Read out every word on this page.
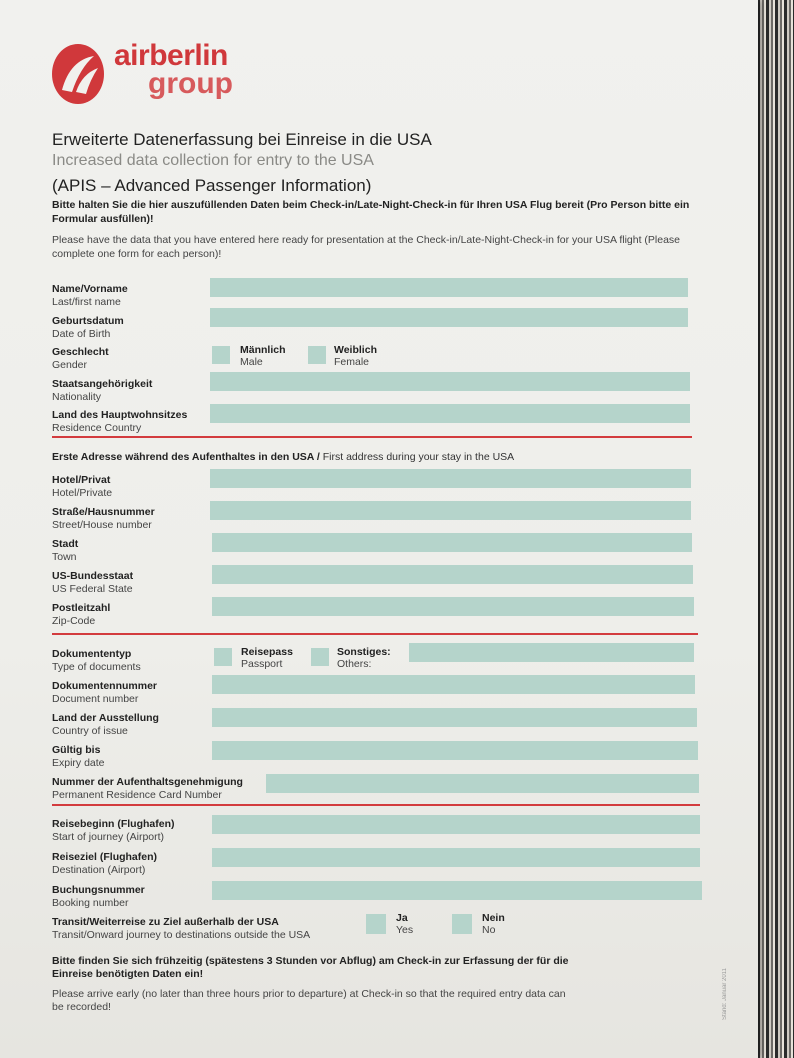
airberlin
group
Erweiterte Datenerfassung bei Einreise in die USA
Increased data collection for entry to the USA
(APIS – Advanced Passenger Information)
Bitte halten Sie die hier auszufüllenden Daten beim Check-in/Late-Night-Check-in für Ihren USA Flug bereit (Pro Person bitte ein Formular ausfüllen)!
Please have the data that you have entered here ready for presentation at the Check-in/Late-Night-Check-in for your USA flight (Please complete one form for each person)!
Name/Vorname
Last/first name
Geburtsdatum
Date of Birth
Geschlecht
Gender
Männlich
Male
Weiblich
Female
Staatsangehörigkeit
Nationality
Land des Hauptwohnsitzes
Residence Country
Erste Adresse während des Aufenthaltes in den USA / First address during your stay in the USA
Hotel/Privat
Hotel/Private
Straße/Hausnummer
Street/House number
Stadt
Town
US-Bundesstaat
US Federal State
Postleitzahl
Zip-Code
Dokumententyp
Type of documents
Reisepass
Passport
Sonstiges:
Others:
Dokumentennummer
Document number
Land der Ausstellung
Country of issue
Gültig bis
Expiry date
Nummer der Aufenthaltsgenehmigung
Permanent Residence Card Number
Reisebeginn (Flughafen)
Start of journey (Airport)
Reiseziel (Flughafen)
Destination (Airport)
Buchungsnummer
Booking number
Transit/Weiterreise zu Ziel außerhalb der USA
Transit/Onward journey to destinations outside the USA
Ja
Yes
Nein
No
Bitte finden Sie sich frühzeitig (spätestens 3 Stunden vor Abflug) am Check-in zur Erfassung der für die Einreise benötigten Daten ein!
Please arrive early (no later than three hours prior to departure) at Check-in so that the required entry data can be recorded!	Stand: Januar 2011
